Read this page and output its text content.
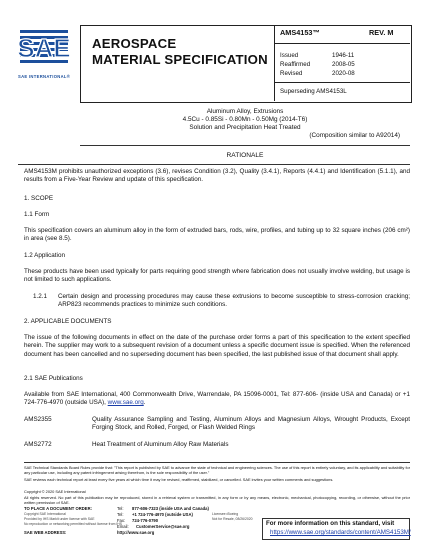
SAE
SAE INTERNATIONAL®
AEROSPACE
MATERIAL SPECIFICATION
AMS4153™	REV. M
Issued	1946-11
Reaffirmed	2008-05
Revised	2020-08
Superseding AMS4153L
Aluminum Alloy, Extrusions
4.5Cu - 0.85Si - 0.80Mn - 0.50Mg (2014-T6)
Solution and Precipitation Heat Treated
(Composition similar to A92014)
RATIONALE
AMS4153M prohibits unauthorized exceptions (3.6), revises Condition (3.2), Quality (3.4.1), Reports (4.4.1) and Identification (5.1.1), and results from a Five-Year Review and update of this specification.
1. SCOPE
1.1 Form
This specification covers an aluminum alloy in the form of extruded bars, rods, wire, profiles, and tubing up to 32 square inches (206 cm²) in area (see 8.5).
1.2 Application
These products have been used typically for parts requiring good strength where fabrication does not usually involve welding, but usage is not limited to such applications.
1.2.1 Certain design and processing procedures may cause these extrusions to become susceptible to stress-corrosion cracking; ARP823 recommends practices to minimize such conditions.
2. APPLICABLE DOCUMENTS
The issue of the following documents in effect on the date of the purchase order forms a part of this specification to the extent specified herein. The supplier may work to a subsequent revision of a document unless a specific document issue is specified. When the referenced document has been cancelled and no superseding document has been specified, the last published issue of that document shall apply.
2.1 SAE Publications
Available from SAE International, 400 Commonwealth Drive, Warrendale, PA 15096-0001, Tel: 877-606- (inside USA and Canada) or +1 724-776-4970 (outside USA), www.sae.org.
AMS2355	Quality Assurance Sampling and Testing, Aluminum Alloys and Magnesium Alloys, Wrought Products, Except Forging Stock, and Rolled, Forged, or Flash Welded Rings
AMS2772	Heat Treatment of Aluminum Alloy Raw Materials
SAE Technical Standards Board Rules provide that: "This report is published by SAE to advance the state of technical and engineering sciences. The use of this report is entirely voluntary, and its applicability and suitability for any particular use, including any patent infringement arising therefrom, is the sole responsibility of the user."
SAE reviews each technical report at least every five years at which time it may be revised, reaffirmed, stabilized, or cancelled. SAE invites your written comments and suggestions.
Copyright © 2020 SAE International
All rights reserved. No part of this publication may be reproduced, stored in a retrieval system or transmitted, in any form or by any means, electronic, mechanical, photocopying, recording, or otherwise, without the prior written permission of SAE.
TO PLACE A DOCUMENT ORDER:	Tel: 877-606-7323 (inside USA and Canada)
Tel: +1 724-776-4970 (outside USA)
Fax: 724-776-0790
Email: CustomerService@sae.org
SAE WEB ADDRESS:	http://www.sae.org
Copyright SAE International
Provided by IHS Markit under license with SAE
No reproduction or networking permitted without license from IHS
Licensee=Boeing
Not for Resale, 08/26/2020
For more information on this standard, visit
https://www.sae.org/standards/content/AMS4153M/
